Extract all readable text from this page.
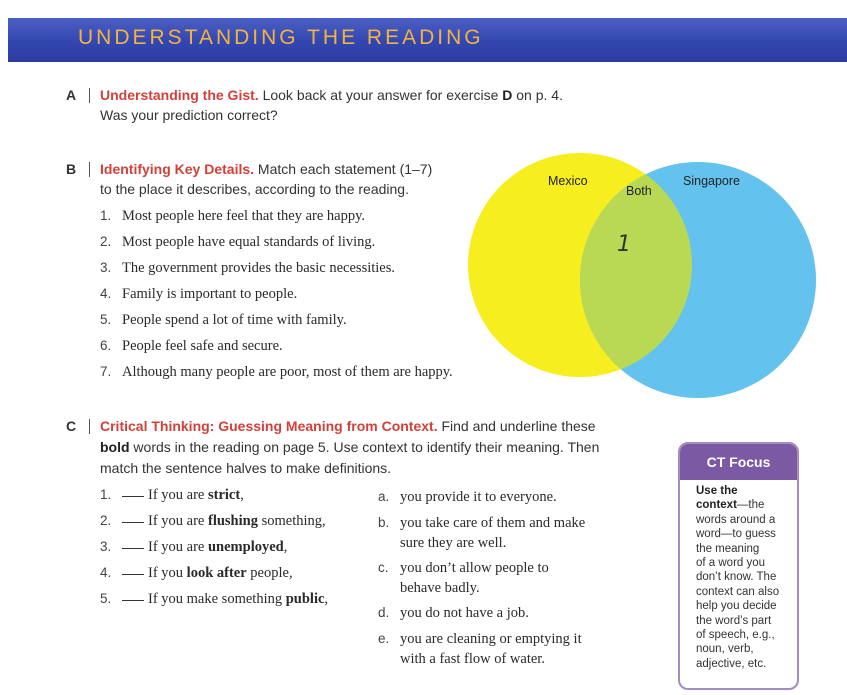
UNDERSTANDING THE READING
A Understanding the Gist. Look back at your answer for exercise D on p. 4.
Was your prediction correct?
B Identifying Key Details. Match each statement (1–7)
to the place it describes, according to the reading.
1. Most people here feel that they are happy.
2. Most people have equal standards of living.
3. The government provides the basic necessities.
4. Family is important to people.
5. People spend a lot of time with family.
6. People feel safe and secure.
7. Although many people are poor, most of them are happy.
Mexico
Both
Singapore
1
C Critical Thinking: Guessing Meaning from Context. Find and underline these
bold words in the reading on page 5. Use context to identify their meaning. Then
match the sentence halves to make definitions.
1.	If you are strict,
2.	If you are flushing something,
3.	If you are unemployed,
4.	If you look after people,
5.	If you make something public,
a. you provide it to everyone.
b. you take care of them and make
sure they are well.
c. you don’t allow people to
behave badly.
d. you do not have a job.
e. you are cleaning or emptying it
with a fast flow of water.
CT Focus
Use the
context—the
words around a
word—to guess
the meaning
of a word you
don’t know. The
context can also
help you decide
the word’s part
of speech, e.g.,
noun, verb,
adjective, etc.
